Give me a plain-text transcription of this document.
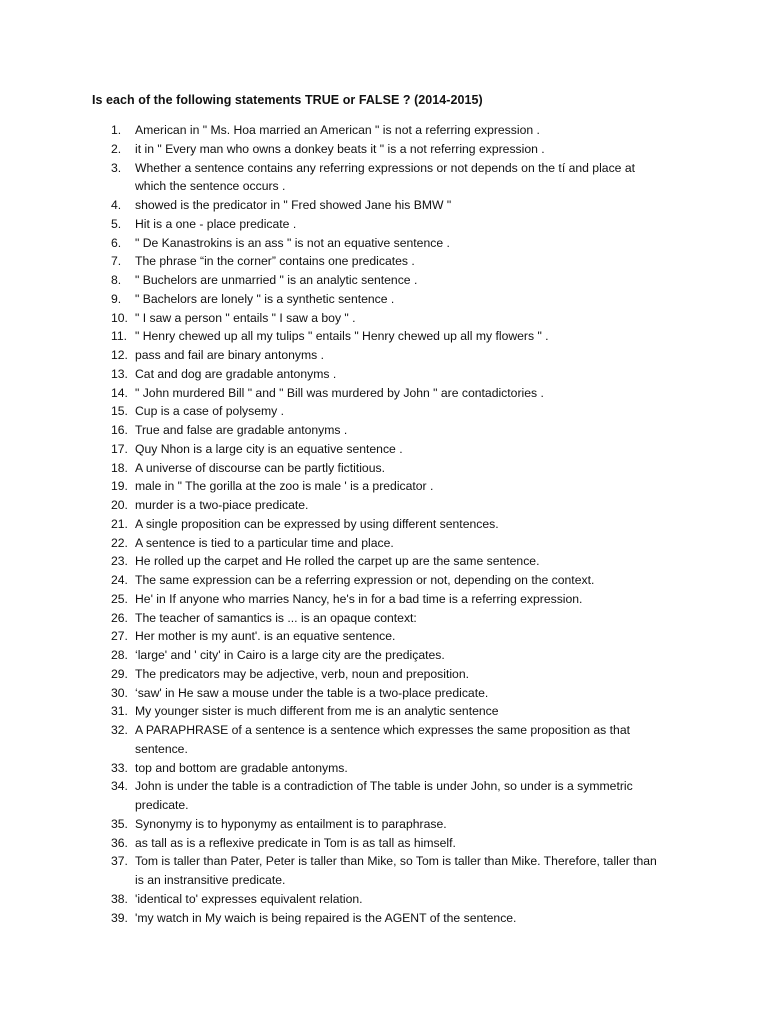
Is each of the following statements TRUE or FALSE ? (2014-2015)
1.	American in " Ms. Hoa married an American " is not a referring expression .
2.	it in " Every man who owns a donkey beats it " is a not referring expression .
3.	Whether a sentence contains any referring expressions or not depends on the tí and place at which the sentence occurs .
4.	showed is the predicator in " Fred showed Jane his BMW "
5.	Hit is a one - place predicate .
6.	" De Kanastrokins is an ass " is not an equative sentence .
7.	The phrase “in the corner” contains one predicates .
8.	" Buchelors are unmarried " is an analytic sentence .
9.	" Bachelors are lonely " is a synthetic sentence .
10. " I saw a person " entails " I saw a boy " .
11. " Henry chewed up all my tulips " entails " Henry chewed up all my flowers " .
12. pass and fail are binary antonyms .
13. Cat and dog are gradable antonyms .
14. " John murdered Bill " and " Bill was murdered by John " are contadictories .
15. Cup is a case of polysemy .
16. True and false are gradable antonyms .
17. Quy Nhon is a large city is an equative sentence .
18. A universe of discourse can be partly fictitious.
19. male in " The gorilla at the zoo is male ' is a predicator .
20. murder is a two-piace predicate.
21. A single proposition can be expressed by using different sentences.
22. A sentence is tied to a particular time and place.
23. He rolled up the carpet and He rolled the carpet up are the same sentence.
24. The same expression can be a referring expression or not, depending on the context.
25. He' in If anyone who marries Nancy, he's in for a bad time is a referring expression.
26. The teacher of samantics is ... is an opaque context:
27. Her mother is my aunt'. is an equative sentence.
28. ‘large' and ' city' in Cairo is a large city are the prediçates.
29. The predicators may be adjective, verb, noun and preposition.
30. ‘saw' in He saw a mouse under the table is a two-place predicate.
31. My younger sister is much different from me is an analytic sentence
32. A PARAPHRASE of a sentence is a sentence which expresses the same proposition as that sentence.
33. top and bottom are gradable antonyms.
34. John is under the table is a contradiction of The table is under John, so under is a symmetric predicate.
35. Synonymy is to hyponymy as entailment is to paraphrase.
36. as tall as is a reflexive predicate in Tom is as tall as himself.
37. Tom is taller than Pater, Peter is taller than Mike, so Tom is taller than Mike. Therefore, taller than is an instransitive predicate.
38. 'identical to' expresses equivalent relation.
39. 'my watch in My waich is being repaired is the AGENT of the sentence.
